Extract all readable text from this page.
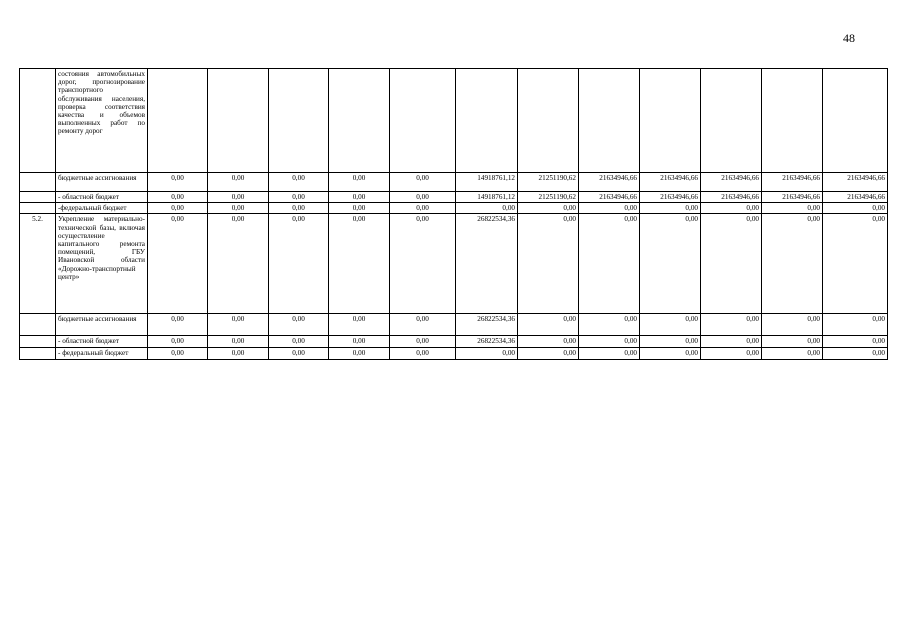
48
	состояния автомобильных дорог, прогнозирование транспортного обслуживания населения, проверка соответствия качества и объемов выполненных работ по ремонту дорог												
	бюджетные ассигнования	0,00	0,00	0,00	0,00	0,00	14918761,12	21251190,62	21634946,66	21634946,66	21634946,66	21634946,66	21634946,66
	- областной бюджет	0,00	0,00	0,00	0,00	0,00	14918761,12	21251190,62	21634946,66	21634946,66	21634946,66	21634946,66	21634946,66
	-федеральный бюджет	0,00	0,00	0,00	0,00	0,00	0,00	0,00	0,00	0,00	0,00	0,00	0,00
5.2.	Укрепление материально-технической базы, включая осуществление капитального ремонта помещений, ГБУ Ивановской области «Дорожно-транспортный центр»	0,00	0,00	0,00	0,00	0,00	26822534,36	0,00	0,00	0,00	0,00	0,00	0,00
	бюджетные ассигнования	0,00	0,00	0,00	0,00	0,00	26822534,36	0,00	0,00	0,00	0,00	0,00	0,00
	- областной бюджет	0,00	0,00	0,00	0,00	0,00	26822534,36	0,00	0,00	0,00	0,00	0,00	0,00
	- федеральный бюджет	0,00	0,00	0,00	0,00	0,00	0,00	0,00	0,00	0,00	0,00	0,00	0,00
